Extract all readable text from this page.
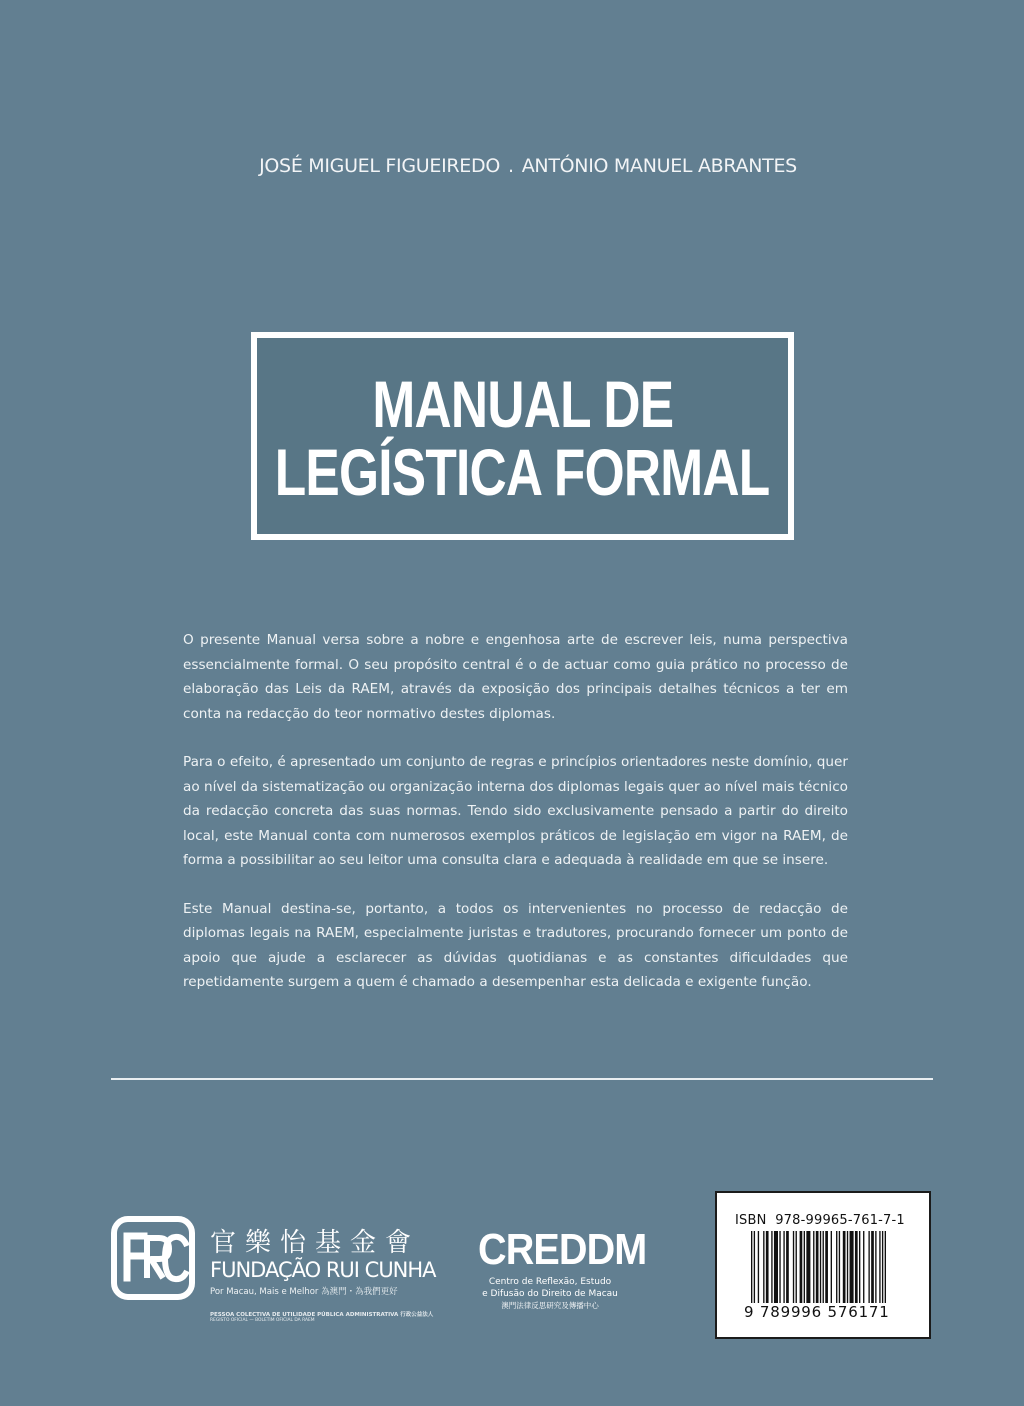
JOSÉ MIGUEL FIGUEIREDO . ANTÓNIO MANUEL ABRANTES
MANUAL DE
LEGÍSTICA FORMAL

O presente Manual versa sobre a nobre e engenhosa arte de escrever leis, numa perspectiva essencialmente formal. O seu propósito central é o de actuar como guia prático no processo de elaboração das Leis da RAEM, através da exposição dos principais detalhes técnicos a ter em conta na redacção do teor normativo destes diplomas.

Para o efeito, é apresentado um conjunto de regras e princípios orientadores neste domínio, quer ao nível da sistematização ou organização interna dos diplomas legais quer ao nível mais técnico da redacção concreta das suas normas. Tendo sido exclusivamente pensado a partir do direito local, este Manual conta com numerosos exemplos práticos de legislação em vigor na RAEM, de forma a possibilitar ao seu leitor uma consulta clara e adequada à realidade em que se insere.

Este Manual destina-se, portanto, a todos os intervenientes no processo de redacção de diplomas legais na RAEM, especialmente juristas e tradutores, procurando fornecer um ponto de apoio que ajude a esclarecer as dúvidas quotidianas e as constantes dificuldades que repetidamente surgem a quem é chamado a desempenhar esta delicada e exigente função.

官樂怡基金會
FUNDAÇÃO RUI CUNHA
Por Macau, Mais e Melhor 為澳門・為我們更好
PESSOA COLECTIVA DE UTILIDADE PÚBLICA ADMINISTRATIVA 行政公益法人
REGISTO OFICIAL — BOLETIM OFICIAL DA RAEM
CREDDM
Centro de Reflexão, Estudo
e Difusão do Direito de Macau
澳門法律反思研究及傳播中心
ISBN 978-99965-761-7-1
9 789996 576171
